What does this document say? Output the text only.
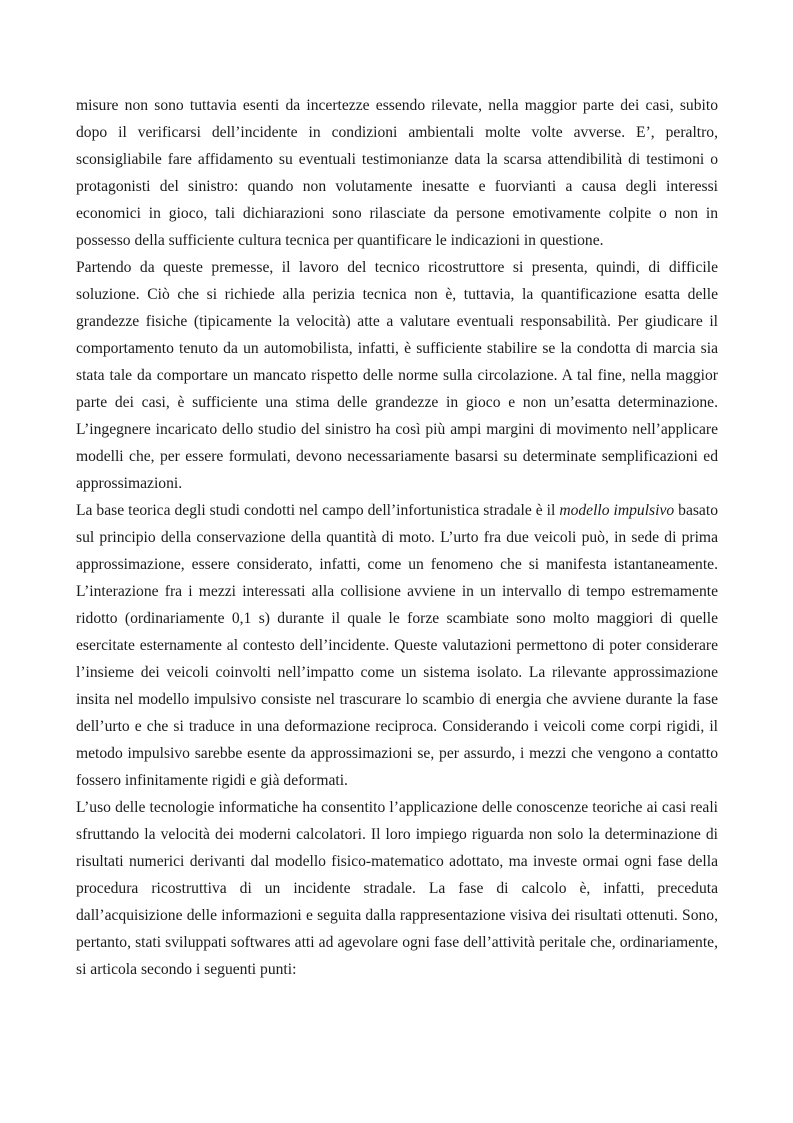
misure non sono tuttavia esenti da incertezze essendo rilevate, nella maggior parte dei casi, subito dopo il verificarsi dell’incidente in condizioni ambientali molte volte avverse. E’, peraltro, sconsigliabile fare affidamento su eventuali testimonianze data la scarsa attendibilità di testimoni o protagonisti del sinistro: quando non volutamente inesatte e fuorvianti a causa degli interessi economici in gioco, tali dichiarazioni sono rilasciate da persone emotivamente colpite o non in possesso della sufficiente cultura tecnica per quantificare le indicazioni in questione.

Partendo da queste premesse, il lavoro del tecnico ricostruttore si presenta, quindi, di difficile soluzione. Ciò che si richiede alla perizia tecnica non è, tuttavia, la quantificazione esatta delle grandezze fisiche (tipicamente la velocità) atte a valutare eventuali responsabilità. Per giudicare il comportamento tenuto da un automobilista, infatti, è sufficiente stabilire se la condotta di marcia sia stata tale da comportare un mancato rispetto delle norme sulla circolazione. A tal fine, nella maggior parte dei casi, è sufficiente una stima delle grandezze in gioco e non un’esatta determinazione. L’ingegnere incaricato dello studio del sinistro ha così più ampi margini di movimento nell’applicare modelli che, per essere formulati, devono necessariamente basarsi su determinate semplificazioni ed approssimazioni.

La base teorica degli studi condotti nel campo dell’infortunistica stradale è il modello impulsivo basato sul principio della conservazione della quantità di moto. L’urto fra due veicoli può, in sede di prima approssimazione, essere considerato, infatti, come un fenomeno che si manifesta istantaneamente. L’interazione fra i mezzi interessati alla collisione avviene in un intervallo di tempo estremamente ridotto (ordinariamente 0,1 s) durante il quale le forze scambiate sono molto maggiori di quelle esercitate esternamente al contesto dell’incidente. Queste valutazioni permettono di poter considerare l’insieme dei veicoli coinvolti nell’impatto come un sistema isolato. La rilevante approssimazione insita nel modello impulsivo consiste nel trascurare lo scambio di energia che avviene durante la fase dell’urto e che si traduce in una deformazione reciproca. Considerando i veicoli come corpi rigidi, il metodo impulsivo sarebbe esente da approssimazioni se, per assurdo, i mezzi che vengono a contatto fossero infinitamente rigidi e già deformati.

L’uso delle tecnologie informatiche ha consentito l’applicazione delle conoscenze teoriche ai casi reali sfruttando la velocità dei moderni calcolatori. Il loro impiego riguarda non solo la determinazione di risultati numerici derivanti dal modello fisico-matematico adottato, ma investe ormai ogni fase della procedura ricostruttiva di un incidente stradale. La fase di calcolo è, infatti, preceduta dall’acquisizione delle informazioni e seguita dalla rappresentazione visiva dei risultati ottenuti. Sono, pertanto, stati sviluppati softwares atti ad agevolare ogni fase dell’attività peritale che, ordinariamente, si articola secondo i seguenti punti:
